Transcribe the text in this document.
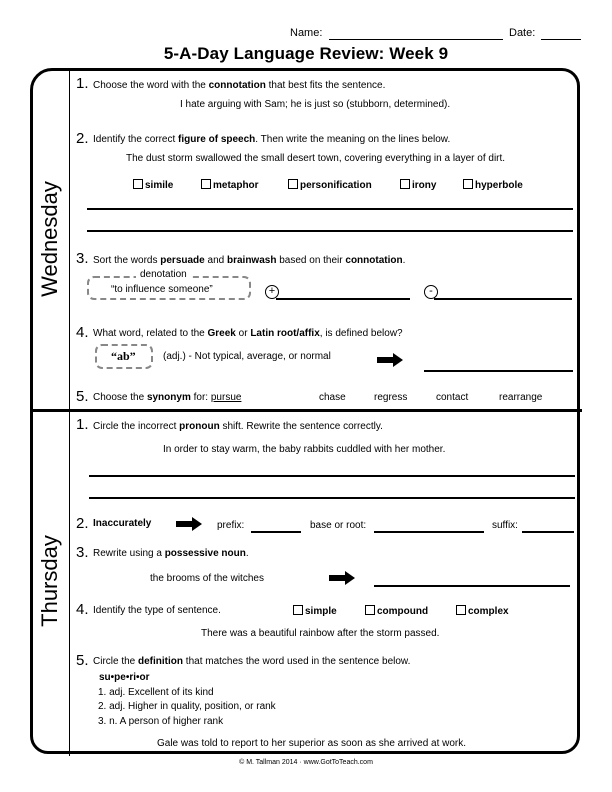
Name:	Date:
5-A-Day Language Review: Week 9
Wednesday
Thursday
1. Choose the word with the connotation that best fits the sentence.
I hate arguing with Sam; he is just so (stubborn, determined).
2. Identify the correct figure of speech. Then write the meaning on the lines below.
The dust storm swallowed the small desert town, covering everything in a layer of dirt.
simile	metaphor	personification	irony	hyperbole
3. Sort the words persuade and brainwash based on their connotation.
denotation
“to influence someone”	+	-
4. What word, related to the Greek or Latin root/affix, is defined below?
“ab”	(adj.) - Not typical, average, or normal
5. Choose the synonym for: pursue	chase	regress	contact	rearrange
1. Circle the incorrect pronoun shift. Rewrite the sentence correctly.
In order to stay warm, the baby rabbits cuddled with her mother.
2. Inaccurately	prefix:	base or root:	suffix:
3. Rewrite using a possessive noun.
the brooms of the witches
4. Identify the type of sentence.	simple	compound	complex
There was a beautiful rainbow after the storm passed.
5. Circle the definition that matches the word used in the sentence below.
su•pe•ri•or
1. adj. Excellent of its kind
2. adj. Higher in quality, position, or rank
3. n. A person of higher rank
Gale was told to report to her superior as soon as she arrived at work.
© M. Tallman 2014 · www.GotToTeach.com
